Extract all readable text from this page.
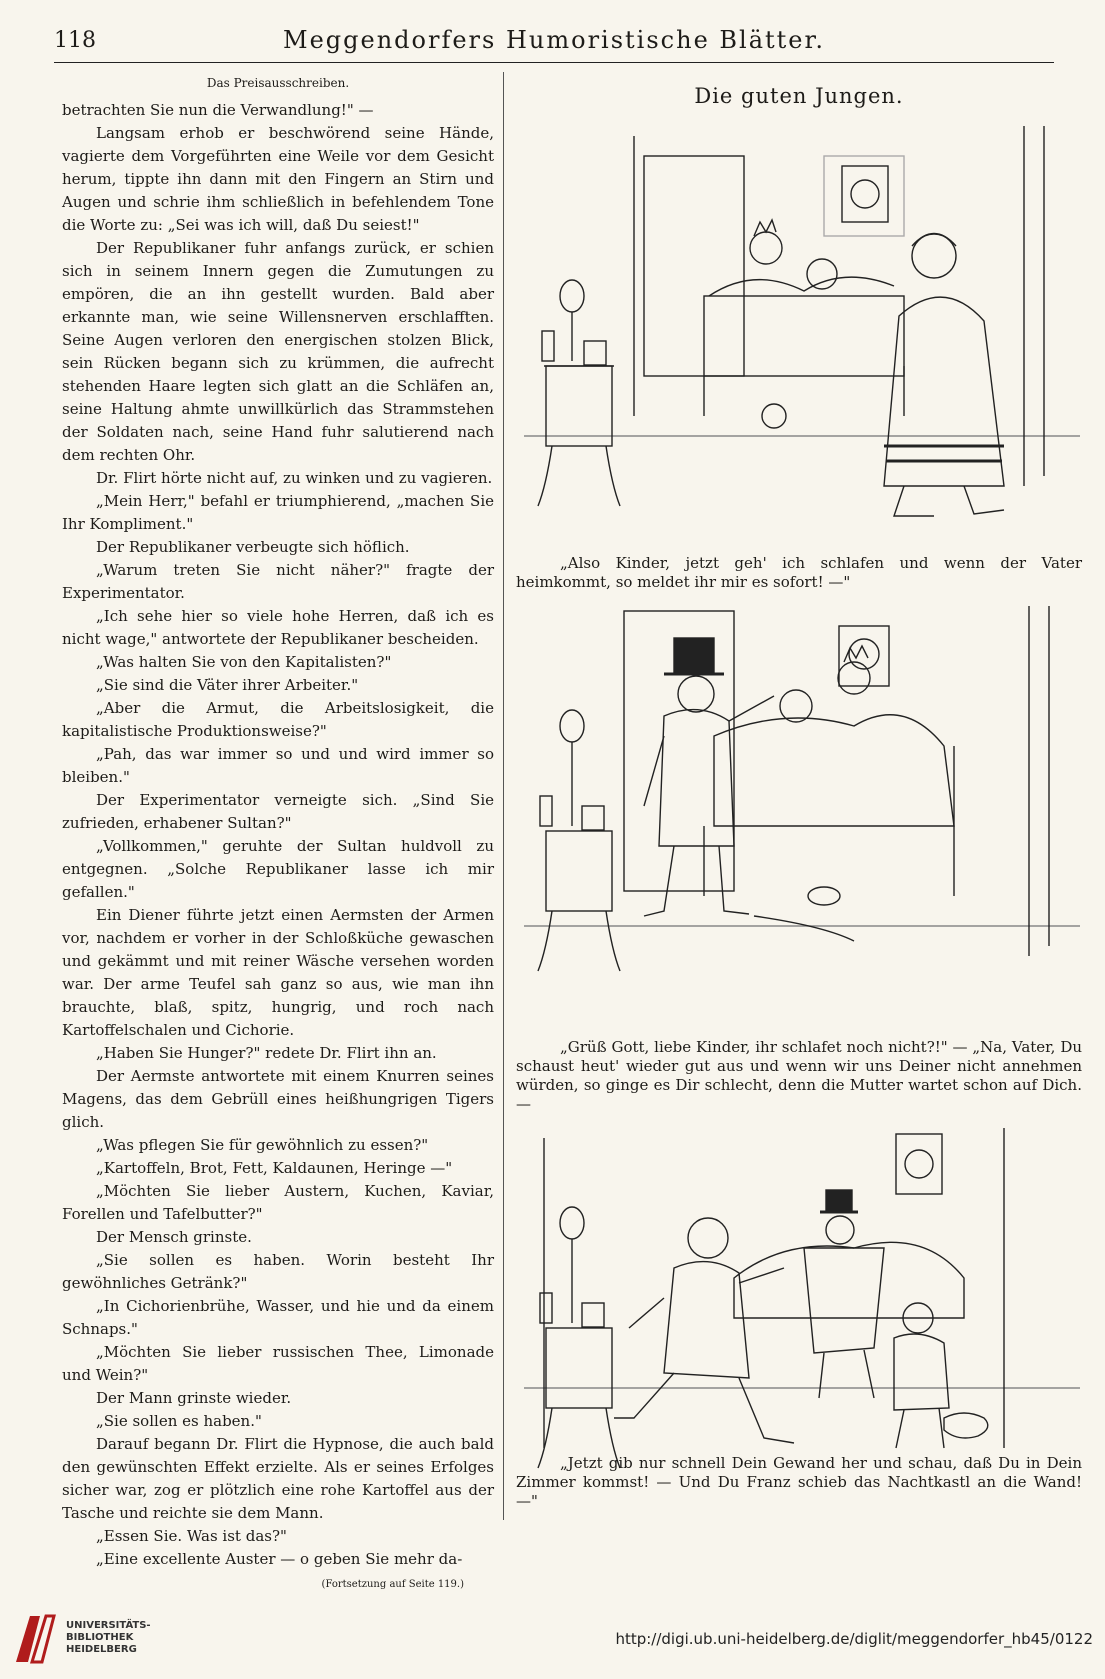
118	Meggendorfers Humoristische Blätter.
Das Preisausschreiben.

betrachten Sie nun die Verwandlung!" —

Langsam erhob er beschwörend seine Hände, vagierte dem Vorgeführten eine Weile vor dem Gesicht herum, tippte ihn dann mit den Fingern an Stirn und Augen und schrie ihm schließlich in befehlendem Tone die Worte zu: „Sei was ich will, daß Du seiest!"

Der Republikaner fuhr anfangs zurück, er schien sich in seinem Innern gegen die Zumutungen zu empören, die an ihn gestellt wurden. Bald aber erkannte man, wie seine Willensnerven erschlafften. Seine Augen verloren den energischen stolzen Blick, sein Rücken begann sich zu krümmen, die aufrecht stehenden Haare legten sich glatt an die Schläfen an, seine Haltung ahmte unwillkürlich das Strammstehen der Soldaten nach, seine Hand fuhr salutierend nach dem rechten Ohr.

Dr. Flirt hörte nicht auf, zu winken und zu vagieren.

„Mein Herr," befahl er triumphierend, „machen Sie Ihr Kompliment."

Der Republikaner verbeugte sich höflich.

„Warum treten Sie nicht näher?" fragte der Experimentator.

„Ich sehe hier so viele hohe Herren, daß ich es nicht wage," antwortete der Republikaner bescheiden.

„Was halten Sie von den Kapitalisten?"

„Sie sind die Väter ihrer Arbeiter."

„Aber die Armut, die Arbeitslosigkeit, die kapitalistische Produktionsweise?"

„Pah, das war immer so und und wird immer so bleiben."

Der Experimentator verneigte sich. „Sind Sie zufrieden, erhabener Sultan?"

„Vollkommen," geruhte der Sultan huldvoll zu entgegnen. „Solche Republikaner lasse ich mir gefallen."

Ein Diener führte jetzt einen Aermsten der Armen vor, nachdem er vorher in der Schloßküche gewaschen und gekämmt und mit reiner Wäsche versehen worden war. Der arme Teufel sah ganz so aus, wie man ihn brauchte, blaß, spitz, hungrig, und roch nach Kartoffelschalen und Cichorie.

„Haben Sie Hunger?" redete Dr. Flirt ihn an.

Der Aermste antwortete mit einem Knurren seines Magens, das dem Gebrüll eines heißhungrigen Tigers glich.

„Was pflegen Sie für gewöhnlich zu essen?"

„Kartoffeln, Brot, Fett, Kaldaunen, Heringe —"

„Möchten Sie lieber Austern, Kuchen, Kaviar, Forellen und Tafelbutter?"

Der Mensch grinste.

„Sie sollen es haben. Worin besteht Ihr gewöhnliches Getränk?"

„In Cichorienbrühe, Wasser, und hie und da einem Schnaps."

„Möchten Sie lieber russischen Thee, Limonade und Wein?"

Der Mann grinste wieder.

„Sie sollen es haben."

Darauf begann Dr. Flirt die Hypnose, die auch bald den gewünschten Effekt erzielte. Als er seines Erfolges sicher war, zog er plötzlich eine rohe Kartoffel aus der Tasche und reichte sie dem Mann.

„Essen Sie. Was ist das?"

„Eine excellente Auster — o geben Sie mehr da-

(Fortsetzung auf Seite 119.)
Die guten Jungen.
„Also Kinder, jetzt geh' ich schlafen und wenn der Vater heimkommt, so meldet ihr mir es sofort! —"
„Grüß Gott, liebe Kinder, ihr schlafet noch nicht?!" — „Na, Vater, Du schaust heut' wieder gut aus und wenn wir uns Deiner nicht annehmen würden, so ginge es Dir schlecht, denn die Mutter wartet schon auf Dich. —
„Jetzt gib nur schnell Dein Gewand her und schau, daß Du in Dein Zimmer kommst! — Und Du Franz schieb das Nachtkastl an die Wand! —"
UNIVERSITÄTS-
BIBLIOTHEK
HEIDELBERG
http://digi.ub.uni-heidelberg.de/diglit/meggendorfer_hb45/0122
